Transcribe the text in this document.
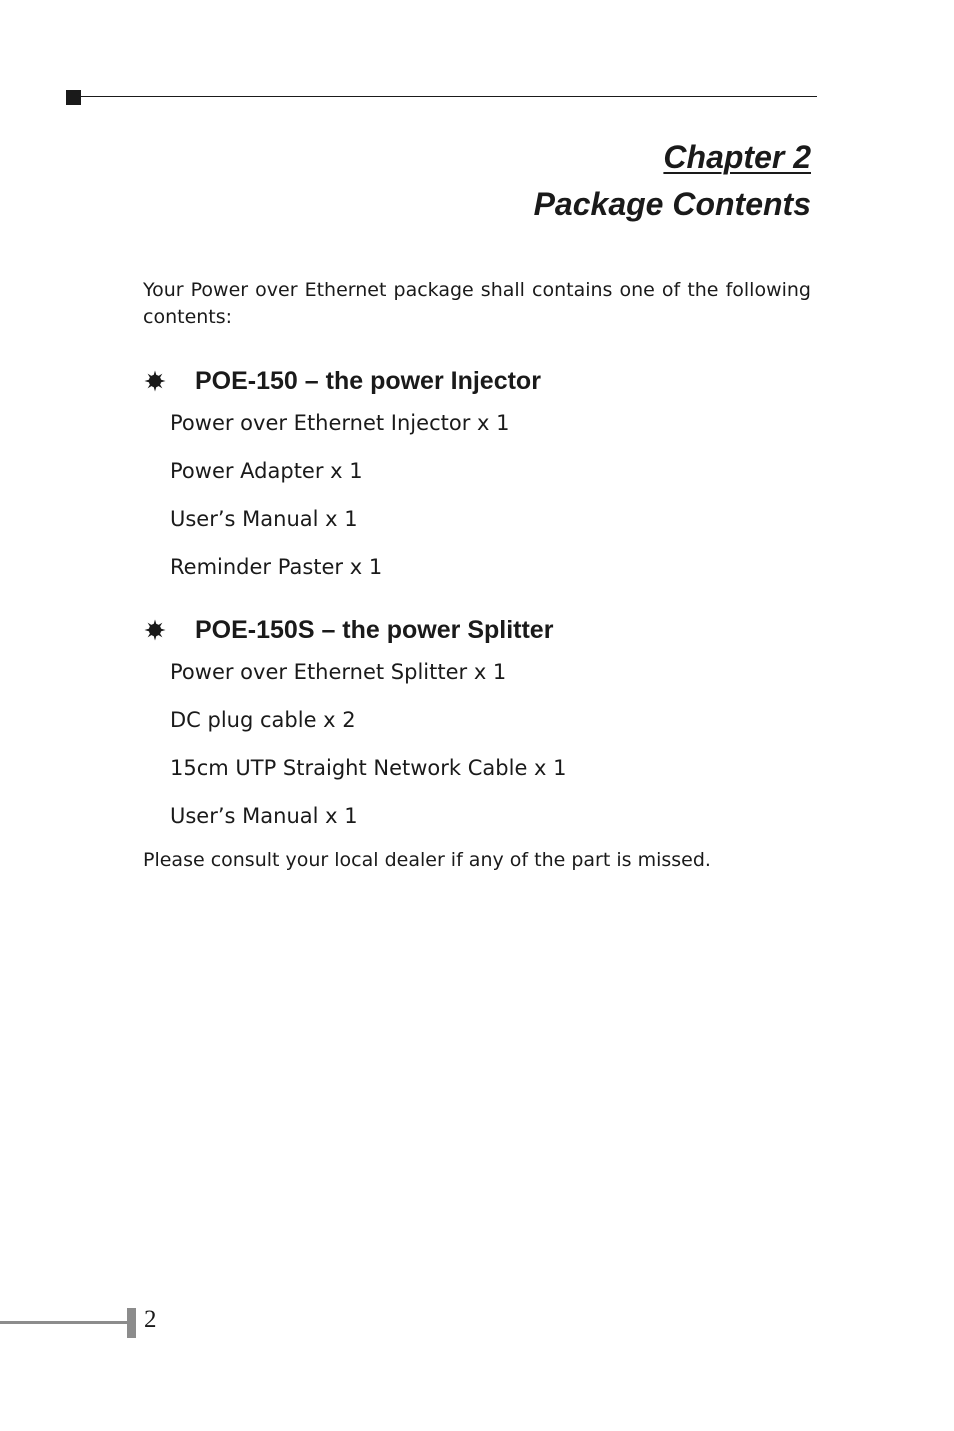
Chapter 2
Package Contents

Your Power over Ethernet package shall contains one of the following contents:

POE-150 – the power Injector
Power over Ethernet Injector x 1
Power Adapter x 1
User’s Manual x 1
Reminder Paster x 1
POE-150S – the power Splitter
Power over Ethernet Splitter x 1
DC plug cable x 2
15cm UTP Straight Network Cable x 1
User’s Manual x 1

Please consult your local dealer if any of the part is missed.

2
